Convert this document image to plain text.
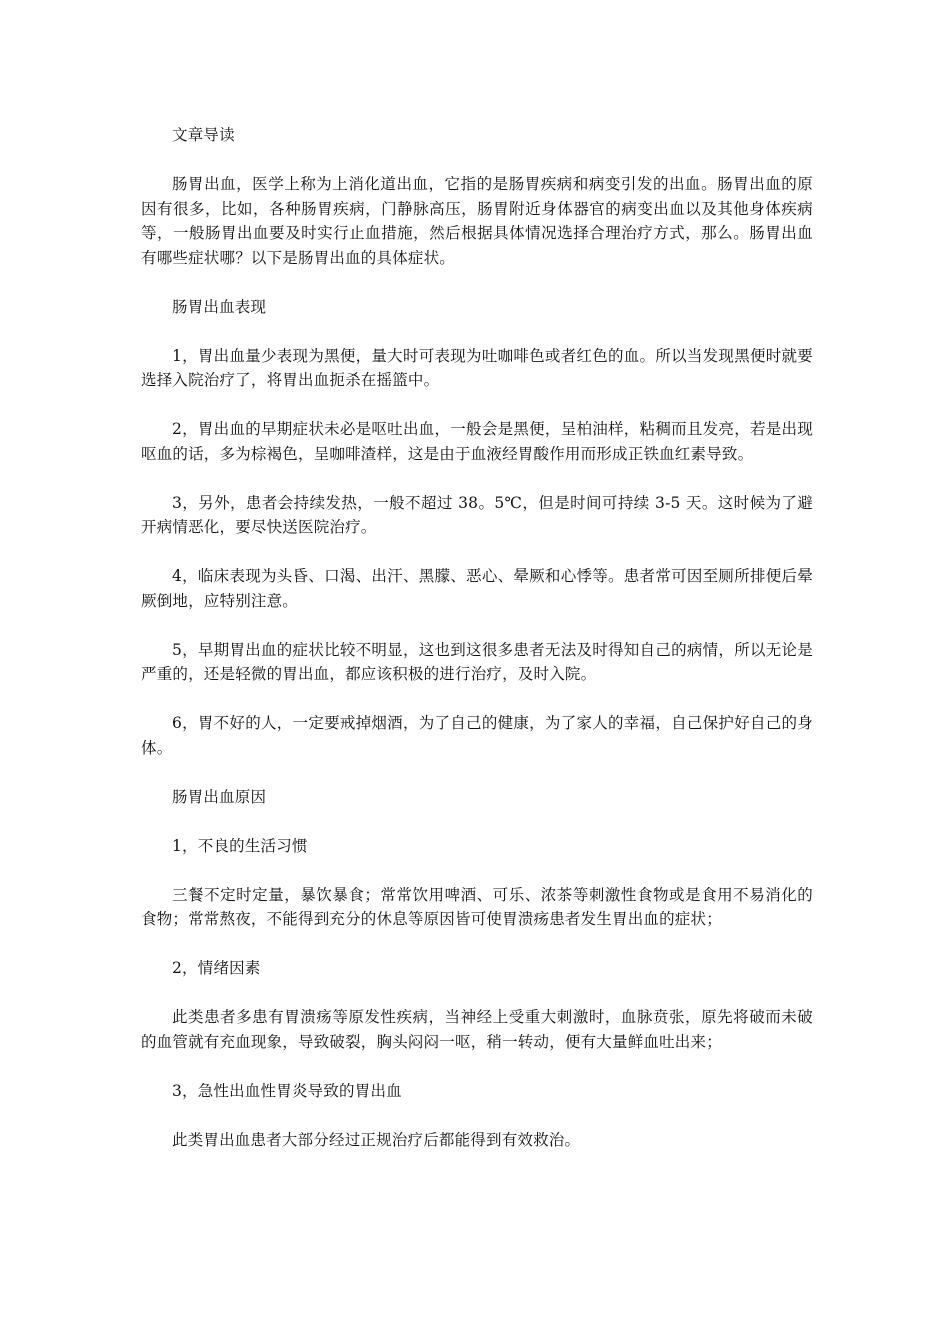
文章导读

肠胃出血，医学上称为上消化道出血，它指的是肠胃疾病和病变引发的出血。肠胃出血的原因有很多，比如，各种肠胃疾病，门静脉高压，肠胃附近身体器官的病变出血以及其他身体疾病等，一般肠胃出血要及时实行止血措施，然后根据具体情况选择合理治疗方式，那么。肠胃出血有哪些症状哪？以下是肠胃出血的具体症状。

肠胃出血表现

1，胃出血量少表现为黑便，量大时可表现为吐咖啡色或者红色的血。所以当发现黑便时就要选择入院治疗了，将胃出血扼杀在摇篮中。

2，胃出血的早期症状未必是呕吐出血，一般会是黑便，呈柏油样，粘稠而且发亮，若是出现呕血的话，多为棕褐色，呈咖啡渣样，这是由于血液经胃酸作用而形成正铁血红素导致。

3，另外，患者会持续发热，一般不超过 38。5℃，但是时间可持续 3-5 天。这时候为了避开病情恶化，要尽快送医院治疗。

4，临床表现为头昏、口渴、出汗、黑朦、恶心、晕厥和心悸等。患者常可因至厕所排便后晕厥倒地，应特别注意。

5，早期胃出血的症状比较不明显，这也到这很多患者无法及时得知自己的病情，所以无论是严重的，还是轻微的胃出血，都应该积极的进行治疗，及时入院。

6，胃不好的人，一定要戒掉烟酒，为了自己的健康，为了家人的幸福，自己保护好自己的身体。

肠胃出血原因

1，不良的生活习惯

三餐不定时定量，暴饮暴食；常常饮用啤酒、可乐、浓茶等刺激性食物或是食用不易消化的食物；常常熬夜，不能得到充分的休息等原因皆可使胃溃疡患者发生胃出血的症状；

2，情绪因素

此类患者多患有胃溃疡等原发性疾病，当神经上受重大刺激时，血脉贲张，原先将破而未破的血管就有充血现象，导致破裂，胸头闷闷一呕，稍一转动，便有大量鲜血吐出来；

3，急性出血性胃炎导致的胃出血

此类胃出血患者大部分经过正规治疗后都能得到有效救治。
